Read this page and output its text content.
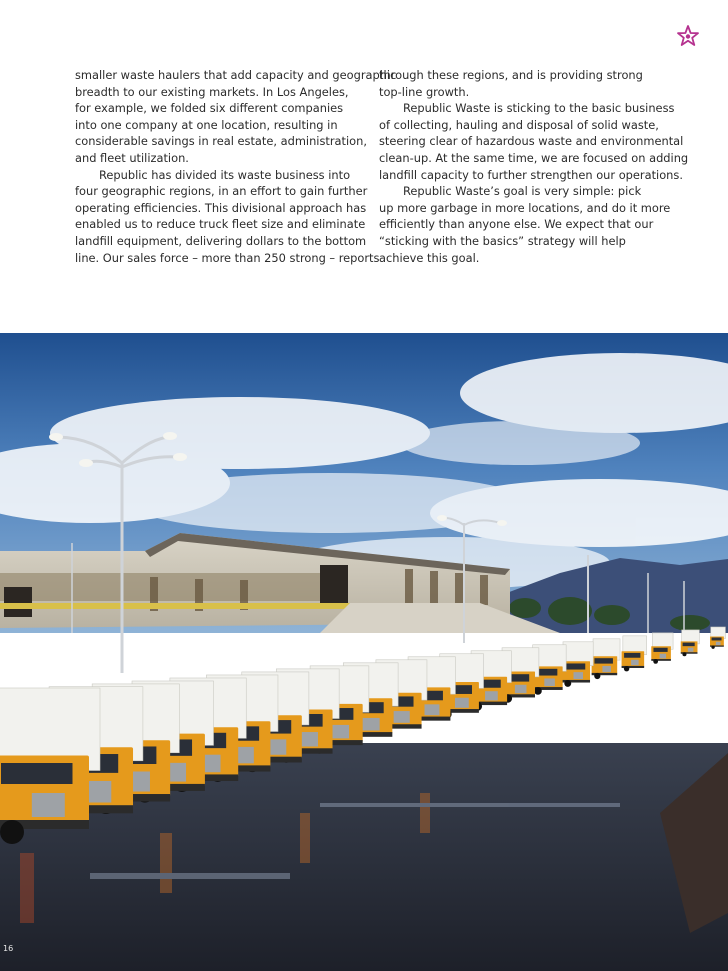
smaller waste haulers that add capacity and geographic

breadth to our existing markets. In Los Angeles,

for example, we folded six different companies

into one company at one location, resulting in

considerable savings in real estate, administration,

and fleet utilization.

Republic has divided its waste business into

four geographic regions, in an effort to gain further

operating efficiencies. This divisional approach has

enabled us to reduce truck fleet size and eliminate

landfill equipment, delivering dollars to the bottom

line. Our sales force – more than 250 strong – reports

through these regions, and is providing strong

top-line growth.

Republic Waste is sticking to the basic business

of collecting, hauling and disposal of solid waste,

steering clear of hazardous waste and environmental

clean-up. At the same time, we are focused on adding

landfill capacity to further strengthen our operations.

Republic Waste’s goal is very simple: pick

up more garbage in more locations, and do it more

efficiently than anyone else. We expect that our

“sticking with the basics” strategy will help

achieve this goal.

16
